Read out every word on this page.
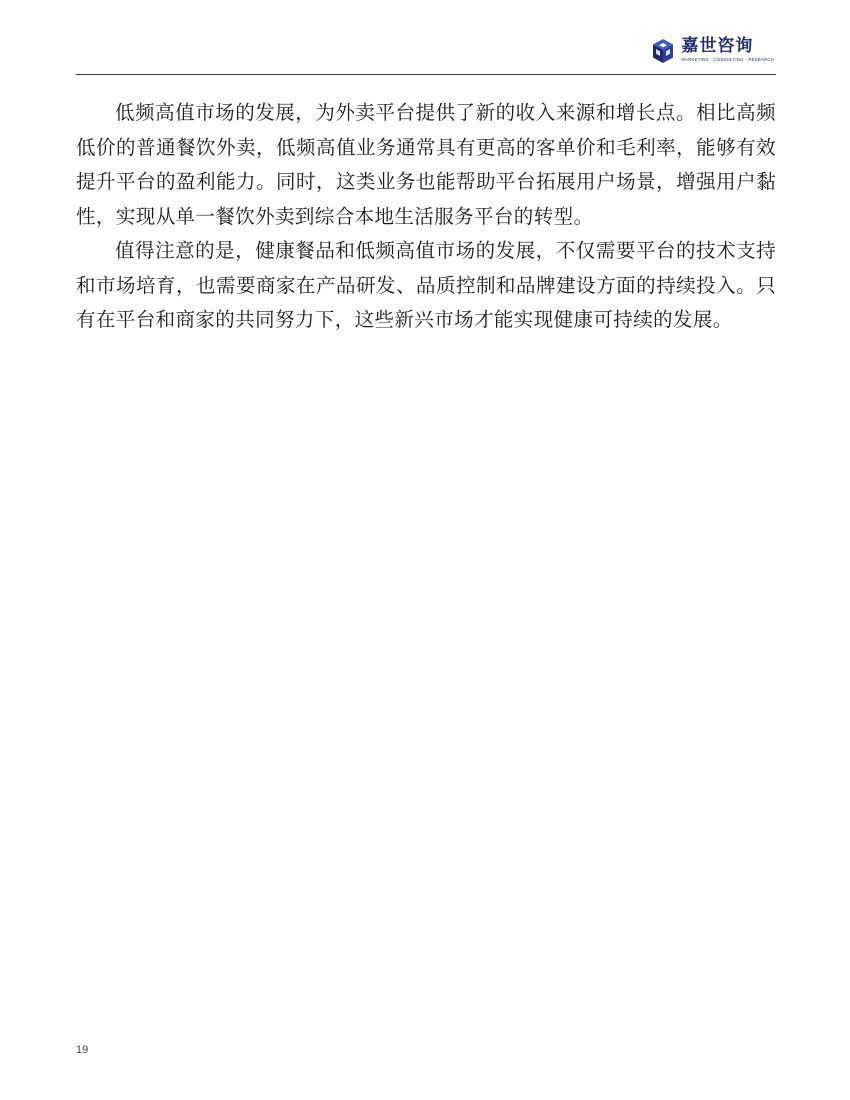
嘉世咨询
MARKETING · CONSULTING · RESEARCH

低频高值市场的发展，为外卖平台提供了新的收入来源和增长点。相比高频低价的普通餐饮外卖，低频高值业务通常具有更高的客单价和毛利率，能够有效提升平台的盈利能力。同时，这类业务也能帮助平台拓展用户场景，增强用户黏性，实现从单一餐饮外卖到综合本地生活服务平台的转型。

值得注意的是，健康餐品和低频高值市场的发展，不仅需要平台的技术支持和市场培育，也需要商家在产品研发、品质控制和品牌建设方面的持续投入。只有在平台和商家的共同努力下，这些新兴市场才能实现健康可持续的发展。

19
